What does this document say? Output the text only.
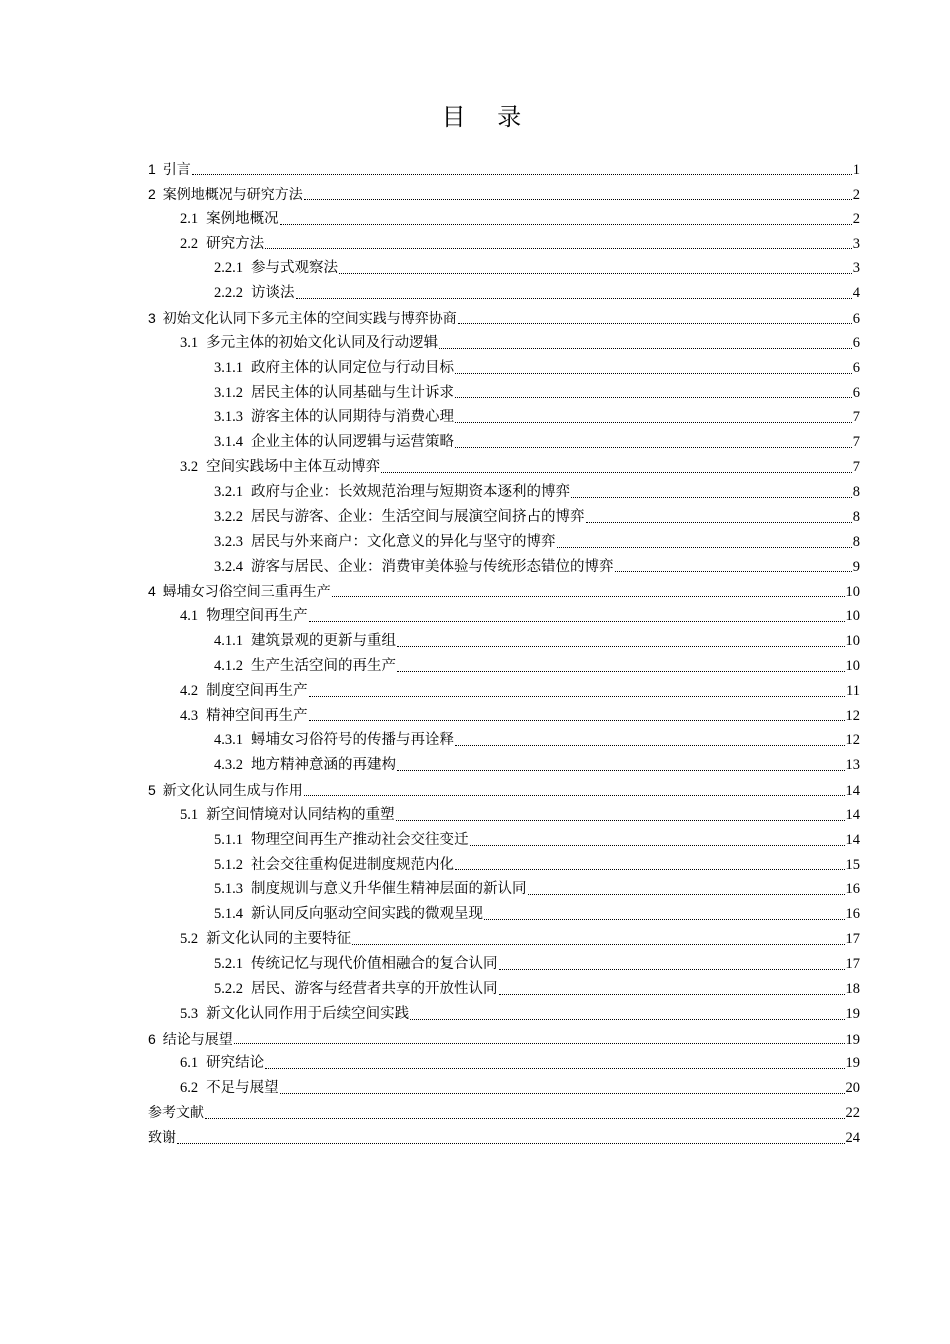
目 录
1 引言	1
2 案例地概况与研究方法	2
2.1 案例地概况	2
2.2 研究方法	3
2.2.1 参与式观察法	3
2.2.2 访谈法	4
3 初始文化认同下多元主体的空间实践与博弈协商	6
3.1 多元主体的初始文化认同及行动逻辑	6
3.1.1 政府主体的认同定位与行动目标	6
3.1.2 居民主体的认同基础与生计诉求	6
3.1.3 游客主体的认同期待与消费心理	7
3.1.4 企业主体的认同逻辑与运营策略	7
3.2 空间实践场中主体互动博弈	7
3.2.1 政府与企业：长效规范治理与短期资本逐利的博弈	8
3.2.2 居民与游客、企业：生活空间与展演空间挤占的博弈	8
3.2.3 居民与外来商户：文化意义的异化与坚守的博弈	8
3.2.4 游客与居民、企业：消费审美体验与传统形态错位的博弈	9
4 蟳埔女习俗空间三重再生产	10
4.1 物理空间再生产	10
4.1.1 建筑景观的更新与重组	10
4.1.2 生产生活空间的再生产	10
4.2 制度空间再生产	11
4.3 精神空间再生产	12
4.3.1 蟳埔女习俗符号的传播与再诠释	12
4.3.2 地方精神意涵的再建构	13
5 新文化认同生成与作用	14
5.1 新空间情境对认同结构的重塑	14
5.1.1 物理空间再生产推动社会交往变迁	14
5.1.2 社会交往重构促进制度规范内化	15
5.1.3 制度规训与意义升华催生精神层面的新认同	16
5.1.4 新认同反向驱动空间实践的微观呈现	16
5.2 新文化认同的主要特征	17
5.2.1 传统记忆与现代价值相融合的复合认同	17
5.2.2 居民、游客与经营者共享的开放性认同	18
5.3 新文化认同作用于后续空间实践	19
6 结论与展望	19
6.1 研究结论	19
6.2 不足与展望	20
参考文献	22
致谢	24
